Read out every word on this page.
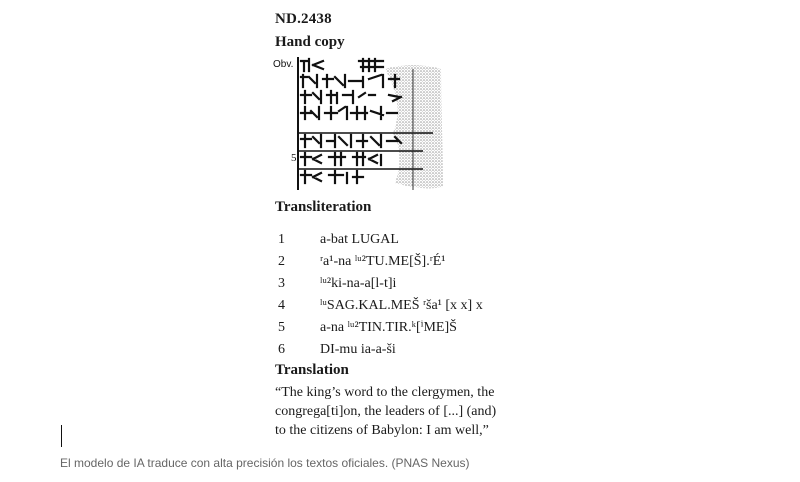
ND.2438
Hand copy
Obv.
5
Transliteration
1	a-bat LUGAL
2	ʳa¹-na ˡᵘ²TU.ME[Š].ʳÉ¹
3	ˡᵘ²ki-na-a[l-t]i
4	ˡᵘSAG.KAL.MEŠ ʳša¹ [x x] x
5	a-na ˡᵘ²TIN.TIR.ᵏ[ⁱME]Š
6	DI-mu ia-a-ši
Translation
“The king’s word to the clergymen, the
congrega[ti]on, the leaders of [...] (and)
to the citizens of Babylon: I am well,”
El modelo de IA traduce con alta precisión los textos oficiales. (PNAS Nexus)
